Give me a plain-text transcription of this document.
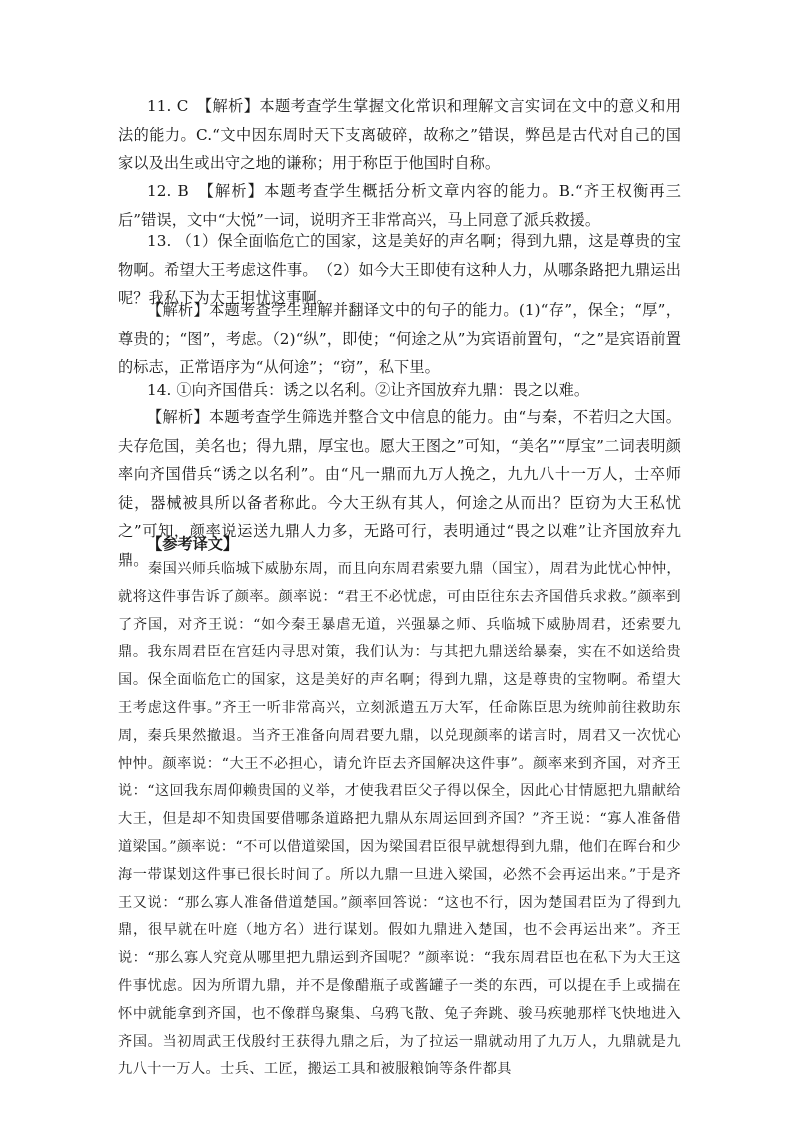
11. C　【解析】本题考查学生掌握文化常识和理解文言实词在文中的意义和用法的能力。C.“文中因东周时天下支离破碎，故称之”错误，弊邑是古代对自己的国家以及出生或出守之地的谦称；用于称臣于他国时自称。

12. B　【解析】本题考查学生概括分析文章内容的能力。B.“齐王权衡再三后”错误，文中“大悦”一词，说明齐王非常高兴，马上同意了派兵救援。

13. （1）保全面临危亡的国家，这是美好的声名啊；得到九鼎，这是尊贵的宝物啊。希望大王考虑这件事。　（2）如今大王即使有这种人力，从哪条路把九鼎运出呢？我私下为大王担忧这事啊。

【解析】本题考查学生理解并翻译文中的句子的能力。(1)“存”，保全；“厚”，尊贵的；“图”，考虑。（2)“纵”，即使；“何途之从”为宾语前置句，“之”是宾语前置的标志，正常语序为“从何途”；“窃”，私下里。

14. ①向齐国借兵：诱之以名利。②让齐国放弃九鼎：畏之以难。

【解析】本题考查学生筛选并整合文中信息的能力。由“与秦，不若归之大国。夫存危国，美名也；得九鼎，厚宝也。愿大王图之”可知，“美名”“厚宝”二词表明颜率向齐国借兵“诱之以名利”。由“凡一鼎而九万人挽之，九九八十一万人，士卒师徒，器械被具所以备者称此。今大王纵有其人，何途之从而出？臣窃为大王私忧之”可知，颜率说运送九鼎人力多，无路可行，表明通过“畏之以难”让齐国放弃九鼎。

【参考译文】

秦国兴师兵临城下威胁东周，而且向东周君索要九鼎（国宝），周君为此忧心忡忡，就将这件事告诉了颜率。颜率说：“君王不必忧虑，可由臣往东去齐国借兵求救。”颜率到了齐国，对齐王说：“如今秦王暴虐无道，兴强暴之师、兵临城下威胁周君，还索要九鼎。我东周君臣在宫廷内寻思对策，我们认为：与其把九鼎送给暴秦，实在不如送给贵国。保全面临危亡的国家，这是美好的声名啊；得到九鼎，这是尊贵的宝物啊。希望大王考虑这件事。”齐王一听非常高兴，立刻派遣五万大军，任命陈臣思为统帅前往救助东周，秦兵果然撤退。当齐王准备向周君要九鼎，以兑现颜率的诺言时，周君又一次忧心忡忡。颜率说：“大王不必担心，请允许臣去齐国解决这件事”。颜率来到齐国，对齐王说：“这回我东周仰赖贵国的义举，才使我君臣父子得以保全，因此心甘情愿把九鼎献给大王，但是却不知贵国要借哪条道路把九鼎从东周运回到齐国？”齐王说：“寡人准备借道梁国。”颜率说：“不可以借道梁国，因为梁国君臣很早就想得到九鼎，他们在晖台和少海一带谋划这件事已很长时间了。所以九鼎一旦进入梁国，必然不会再运出来。”于是齐王又说：“那么寡人准备借道楚国。”颜率回答说：“这也不行，因为楚国君臣为了得到九鼎，很早就在叶庭（地方名）进行谋划。假如九鼎进入楚国，也不会再运出来”。齐王说：“那么寡人究竟从哪里把九鼎运到齐国呢？”颜率说：“我东周君臣也在私下为大王这件事忧虑。因为所谓九鼎，并不是像醋瓶子或酱罐子一类的东西，可以提在手上或揣在怀中就能拿到齐国，也不像群鸟聚集、乌鸦飞散、兔子奔跳、骏马疾驰那样飞快地进入齐国。当初周武王伐殷纣王获得九鼎之后，为了拉运一鼎就动用了九万人，九鼎就是九九八十一万人。士兵、工匠，搬运工具和被服粮饷等条件都具
